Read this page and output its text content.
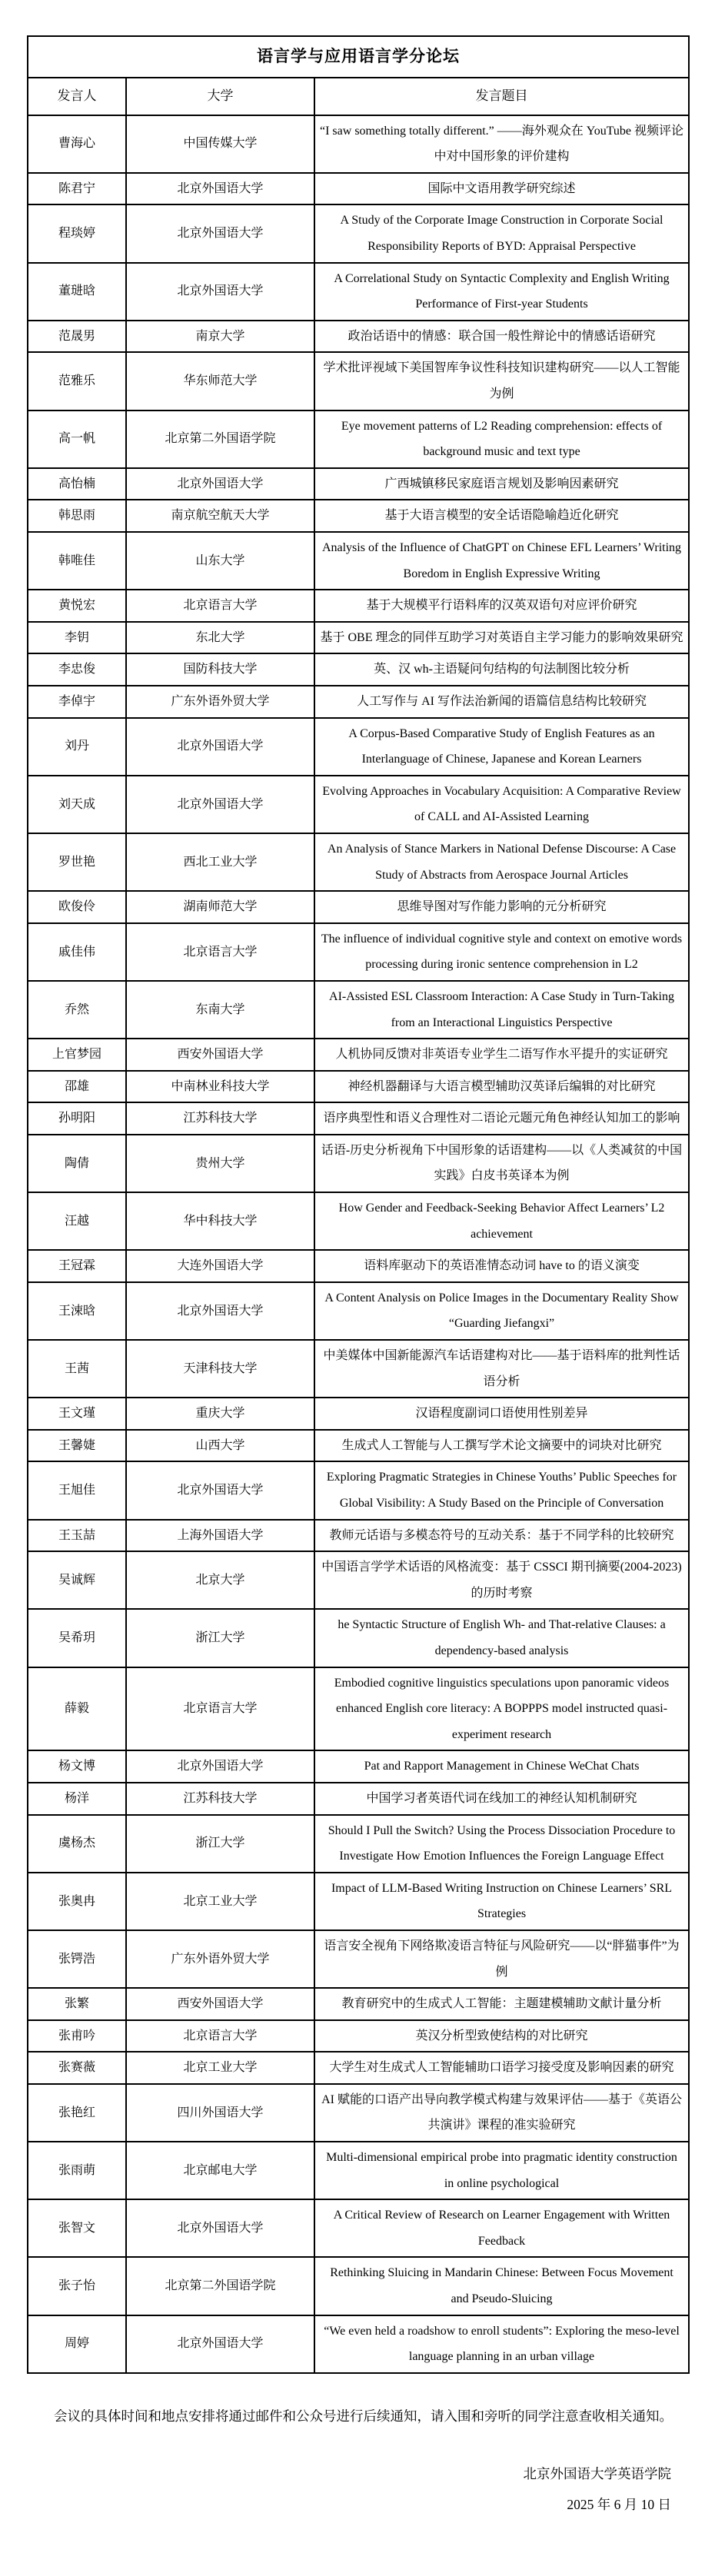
语言学与应用语言学分论坛		
发言人	大学	发言题目
曹海心	中国传媒大学	“I saw something totally different.” ——海外观众在 YouTube 视频评论中对中国形象的评价建构
陈君宁	北京外国语大学	国际中文语用教学研究综述
程琰婷	北京外国语大学	A Study of the Corporate Image Construction in Corporate Social Responsibility Reports of BYD: Appraisal Perspective
董琎晗	北京外国语大学	A Correlational Study on Syntactic Complexity and English Writing Performance of First-year Students
范晟男	南京大学	政治话语中的情感：联合国一般性辩论中的情感话语研究
范雅乐	华东师范大学	学术批评视域下美国智库争议性科技知识建构研究——以人工智能为例
高一帆	北京第二外国语学院	Eye movement patterns of L2 Reading comprehension: effects of background music and text type
高怡楠	北京外国语大学	广西城镇移民家庭语言规划及影响因素研究
韩思雨	南京航空航天大学	基于大语言模型的安全话语隐喻趋近化研究
韩唯佳	山东大学	Analysis of the Influence of ChatGPT on Chinese EFL Learners’ Writing Boredom in English Expressive Writing
黄悦宏	北京语言大学	基于大规模平行语料库的汉英双语句对应评价研究
李钥	东北大学	基于 OBE 理念的同伴互助学习对英语自主学习能力的影响效果研究
李忠俊	国防科技大学	英、汉 wh-主语疑问句结构的句法制图比较分析
李倬宇	广东外语外贸大学	人工写作与 AI 写作法治新闻的语篇信息结构比较研究
刘丹	北京外国语大学	A Corpus-Based Comparative Study of English Features as an Interlanguage of Chinese, Japanese and Korean Learners
刘天成	北京外国语大学	Evolving Approaches in Vocabulary Acquisition: A Comparative Review of CALL and AI-Assisted Learning
罗世艳	西北工业大学	An Analysis of Stance Markers in National Defense Discourse: A Case Study of Abstracts from Aerospace Journal Articles
欧俊伶	湖南师范大学	思维导图对写作能力影响的元分析研究
戚佳伟	北京语言大学	The influence of individual cognitive style and context on emotive words processing during ironic sentence comprehension in L2
乔然	东南大学	AI-Assisted ESL Classroom Interaction: A Case Study in Turn-Taking from an Interactional Linguistics Perspective
上官梦园	西安外国语大学	人机协同反馈对非英语专业学生二语写作水平提升的实证研究
邵雄	中南林业科技大学	神经机器翻译与大语言模型辅助汉英译后编辑的对比研究
孙明阳	江苏科技大学	语序典型性和语义合理性对二语论元题元角色神经认知加工的影响
陶倩	贵州大学	话语-历史分析视角下中国形象的话语建构——以《人类减贫的中国实践》白皮书英译本为例
汪越	华中科技大学	How Gender and Feedback-Seeking Behavior Affect Learners’ L2 achievement
王冠霖	大连外国语大学	语料库驱动下的英语准情态动词 have to 的语义演变
王涑晗	北京外国语大学	A Content Analysis on Police Images in the Documentary Reality Show “Guarding Jiefangxi”
王茜	天津科技大学	中美媒体中国新能源汽车话语建构对比——基于语料库的批判性话语分析
王文瑾	重庆大学	汉语程度副词口语使用性别差异
王馨婕	山西大学	生成式人工智能与人工撰写学术论文摘要中的词块对比研究
王旭佳	北京外国语大学	Exploring Pragmatic Strategies in Chinese Youths’ Public Speeches for Global Visibility: A Study Based on the Principle of Conversation
王玉喆	上海外国语大学	教师元话语与多模态符号的互动关系：基于不同学科的比较研究
吴诚辉	北京大学	中国语言学学术话语的风格流变：基于 CSSCI 期刊摘要(2004-2023)的历时考察
吴希玥	浙江大学	he Syntactic Structure of English Wh- and That-relative Clauses: a dependency-based analysis
薛毅	北京语言大学	Embodied cognitive linguistics speculations upon panoramic videos enhanced English core literacy: A BOPPPS model instructed quasi-experiment research
杨文博	北京外国语大学	Pat and Rapport Management in Chinese WeChat Chats
杨洋	江苏科技大学	中国学习者英语代词在线加工的神经认知机制研究
虞杨杰	浙江大学	Should I Pull the Switch? Using the Process Dissociation Procedure to Investigate How Emotion Influences the Foreign Language Effect
张奥冉	北京工业大学	Impact of LLM-Based Writing Instruction on Chinese Learners’ SRL Strategies
张锷浩	广东外语外贸大学	语言安全视角下网络欺凌语言特征与风险研究——以“胖猫事件”为例
张繁	西安外国语大学	教育研究中的生成式人工智能：主题建模辅助文献计量分析
张甫吟	北京语言大学	英汉分析型致使结构的对比研究
张赛薇	北京工业大学	大学生对生成式人工智能辅助口语学习接受度及影响因素的研究
张艳红	四川外国语大学	AI 赋能的口语产出导向教学模式构建与效果评估——基于《英语公共演讲》课程的准实验研究
张雨萌	北京邮电大学	Multi-dimensional empirical probe into pragmatic identity construction in online psychological
张智文	北京外国语大学	A Critical Review of Research on Learner Engagement with Written Feedback
张子怡	北京第二外国语学院	Rethinking Sluicing in Mandarin Chinese: Between Focus Movement and Pseudo-Sluicing
周婷	北京外国语大学	“We even held a roadshow to enroll students”: Exploring the meso-level language planning in an urban village

会议的具体时间和地点安排将通过邮件和公众号进行后续通知，请入围和旁听的同学注意查收相关通知。

北京外国语大学英语学院
2025 年 6 月 10 日
